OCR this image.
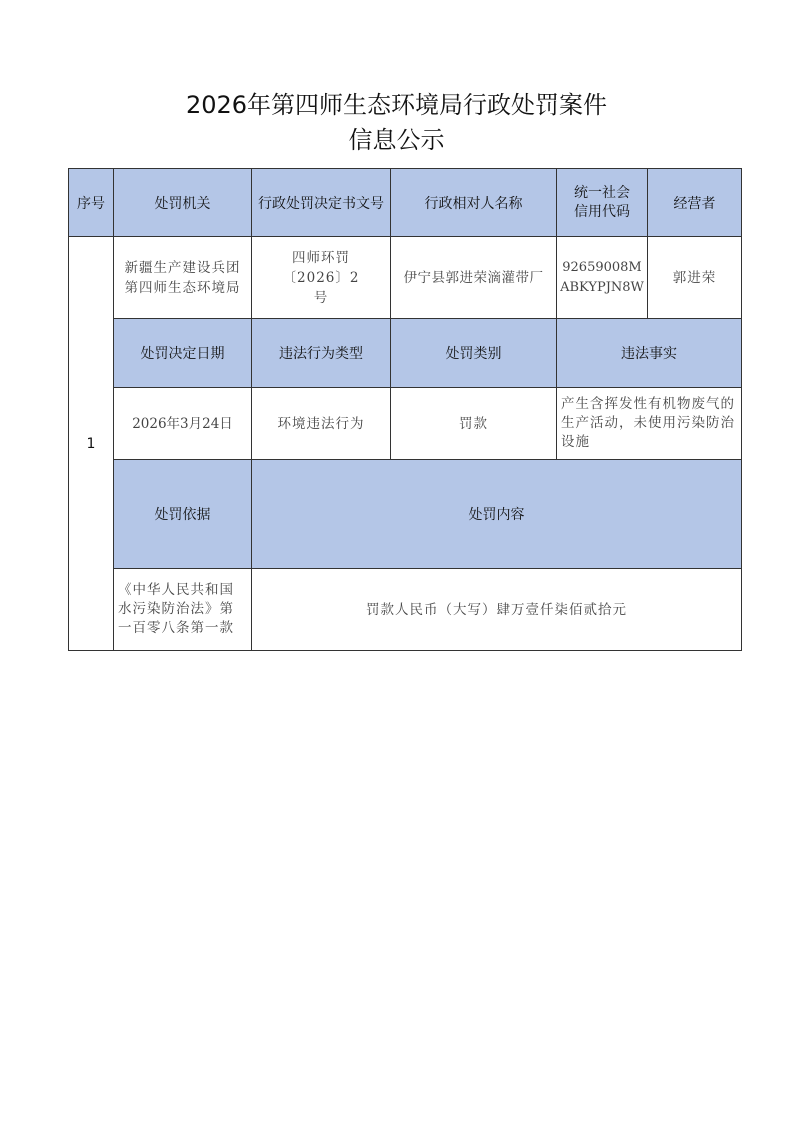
2026年第四师生态环境局行政处罚案件
信息公示
序号	处罚机关	行政处罚决定书文号	行政相对人名称	统一社会信用代码	经营者	
1	新疆生产建设兵团第四师生态环境局	四师环罚〔2026〕2号	伊宁县郭进荣滴灌带厂	92659008MABKYPJN8W	郭进荣	
	处罚决定日期	违法行为类型	处罚类别	违法事实		
	2026年3月24日	环境违法行为	罚款	产生含挥发性有机物废气的生产活动，未使用污染防治设施		
	处罚依据	处罚内容	
	《中华人民共和国水污染防治法》第一百零八条第一款	罚款人民币（大写）肆万壹仟柒佰贰拾元	
